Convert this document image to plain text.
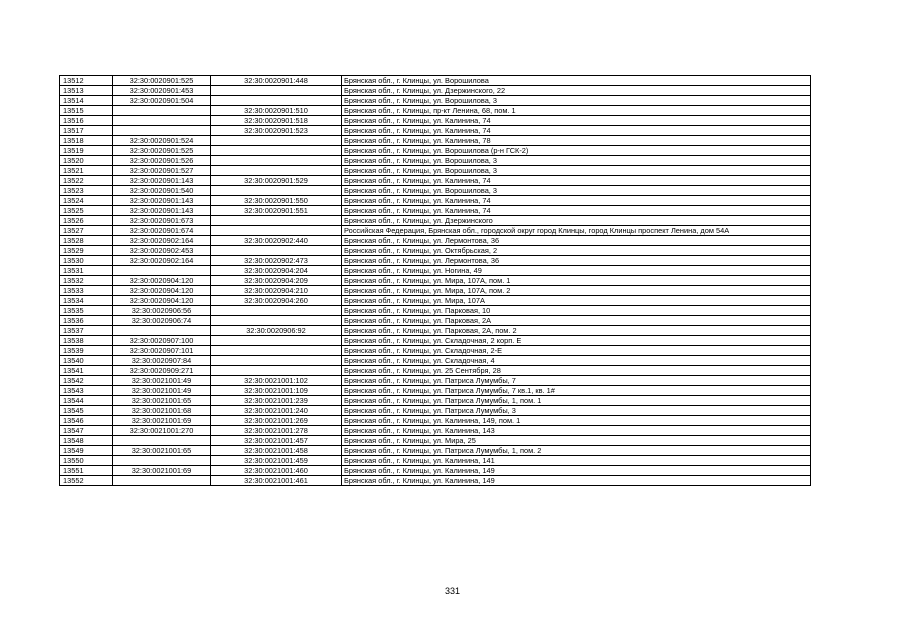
13512	32:30:0020901:525	32:30:0020901:448	Брянская обл., г. Клинцы, ул. Ворошилова
13513	32:30:0020901:453		Брянская обл., г. Клинцы, ул. Дзержинского, 22
13514	32:30:0020901:504		Брянская обл., г. Клинцы, ул. Ворошилова, 3
13515		32:30:0020901:510	Брянская обл., г. Клинцы, пр-кт Ленина, 68, пом. 1
13516		32:30:0020901:518	Брянская обл., г. Клинцы, ул. Калинина, 74
13517		32:30:0020901:523	Брянская обл., г. Клинцы, ул. Калинина, 74
13518	32:30:0020901:524		Брянская обл., г. Клинцы, ул. Калинина, 78
13519	32:30:0020901:525		Брянская обл., г. Клинцы, ул. Ворошилова (р-н ГСК-2)
13520	32:30:0020901:526		Брянская обл., г. Клинцы, ул. Ворошилова, 3
13521	32:30:0020901:527		Брянская обл., г. Клинцы, ул. Ворошилова, 3
13522	32:30:0020901:143	32:30:0020901:529	Брянская обл., г. Клинцы, ул. Калинина, 74
13523	32:30:0020901:540		Брянская обл., г. Клинцы, ул. Ворошилова, 3
13524	32:30:0020901:143	32:30:0020901:550	Брянская обл., г. Клинцы, ул. Калинина, 74
13525	32:30:0020901:143	32:30:0020901:551	Брянская обл., г. Клинцы, ул. Калинина, 74
13526	32:30:0020901:673		Брянская обл., г. Клинцы, ул. Дзержинского
13527	32:30:0020901:674		Российская Федерация, Брянская обл., городской округ город Клинцы, город Клинцы проспект Ленина, дом 54А
13528	32:30:0020902:164	32:30:0020902:440	Брянская обл., г. Клинцы, ул. Лермонтова, 36
13529	32:30:0020902:453		Брянская обл., г. Клинцы, ул. Октябрьская, 2
13530	32:30:0020902:164	32:30:0020902:473	Брянская обл., г. Клинцы, ул. Лермонтова, 36
13531		32:30:0020904:204	Брянская обл., г. Клинцы, ул. Ногина, 49
13532	32:30:0020904:120	32:30:0020904:209	Брянская обл., г. Клинцы, ул. Мира, 107А, пом. 1
13533	32:30:0020904:120	32:30:0020904:210	Брянская обл., г. Клинцы, ул. Мира, 107А, пом. 2
13534	32:30:0020904:120	32:30:0020904:260	Брянская обл., г. Клинцы, ул. Мира, 107А
13535	32:30:0020906:56		Брянская обл., г. Клинцы, ул. Парковая, 10
13536	32:30:0020906:74		Брянская обл., г. Клинцы, ул. Парковая, 2А
13537		32:30:0020906:92	Брянская обл., г. Клинцы, ул. Парковая, 2А, пом. 2
13538	32:30:0020907:100		Брянская обл., г. Клинцы, ул. Складочная, 2 корп. Е
13539	32:30:0020907:101		Брянская обл., г. Клинцы, ул. Складочная, 2-Е
13540	32:30:0020907:84		Брянская обл., г. Клинцы, ул. Складочная, 4
13541	32:30:0020909:271		Брянская обл., г. Клинцы, ул. 25 Сентября, 28
13542	32:30:0021001:49	32:30:0021001:102	Брянская обл., г. Клинцы, ул. Патриса Лумумбы, 7
13543	32:30:0021001:49	32:30:0021001:109	Брянская обл., г. Клинцы, ул. Патриса Лумумбы, 7 кв.1, кв. 1#
13544	32:30:0021001:65	32:30:0021001:239	Брянская обл., г. Клинцы, ул. Патриса Лумумбы, 1, пом. 1
13545	32:30:0021001:68	32:30:0021001:240	Брянская обл., г. Клинцы, ул. Патриса Лумумбы, 3
13546	32:30:0021001:69	32:30:0021001:269	Брянская обл., г. Клинцы, ул. Калинина, 149, пом. 1
13547	32:30:0021001:270	32:30:0021001:278	Брянская обл., г. Клинцы, ул. Калинина, 143
13548		32:30:0021001:457	Брянская обл., г. Клинцы, ул. Мира, 25
13549	32:30:0021001:65	32:30:0021001:458	Брянская обл., г. Клинцы, ул. Патриса Лумумбы, 1, пом. 2
13550		32:30:0021001:459	Брянская обл., г. Клинцы, ул. Калинина, 141
13551	32:30:0021001:69	32:30:0021001:460	Брянская обл., г. Клинцы, ул. Калинина, 149
13552		32:30:0021001:461	Брянская обл., г. Клинцы, ул. Калинина, 149
331
